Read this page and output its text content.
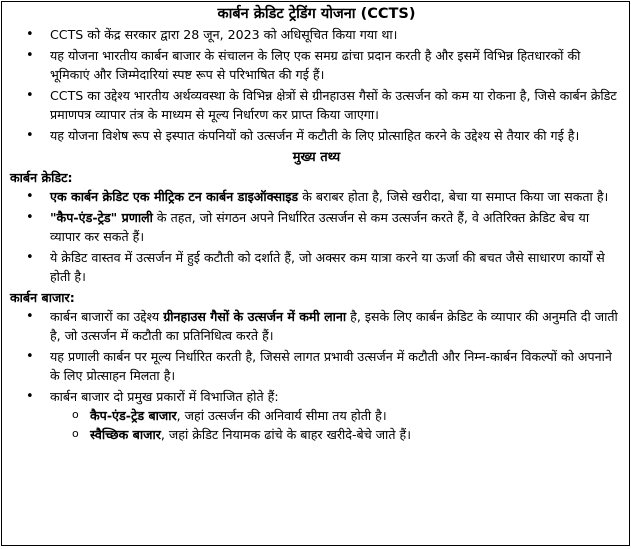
कार्बन क्रेडिट ट्रेडिंग योजना (CCTS)
• CCTS को केंद्र सरकार द्वारा 28 जून, 2023 को अधिसूचित किया गया था।
• यह योजना भारतीय कार्बन बाजार के संचालन के लिए एक समग्र ढांचा प्रदान करती है और इसमें विभिन्न हितधारकों की भूमिकाएं और जिम्मेदारियां स्पष्ट रूप से परिभाषित की गई हैं।
• CCTS का उद्देश्य भारतीय अर्थव्यवस्था के विभिन्न क्षेत्रों से ग्रीनहाउस गैसों के उत्सर्जन को कम या रोकना है, जिसे कार्बन क्रेडिट प्रमाणपत्र व्यापार तंत्र के माध्यम से मूल्य निर्धारण कर प्राप्त किया जाएगा।
• यह योजना विशेष रूप से इस्पात कंपनियों को उत्सर्जन में कटौती के लिए प्रोत्साहित करने के उद्देश्य से तैयार की गई है।
मुख्य तथ्य
कार्बन क्रेडिट:
• एक कार्बन क्रेडिट एक मीट्रिक टन कार्बन डाइऑक्साइड के बराबर होता है, जिसे खरीदा, बेचा या समाप्त किया जा सकता है।
• "कैप-एंड-ट्रेड" प्रणाली के तहत, जो संगठन अपने निर्धारित उत्सर्जन से कम उत्सर्जन करते हैं, वे अतिरिक्त क्रेडिट बेच या व्यापार कर सकते हैं।
• ये क्रेडिट वास्तव में उत्सर्जन में हुई कटौती को दर्शाते हैं, जो अक्सर कम यात्रा करने या ऊर्जा की बचत जैसे साधारण कार्यों से होती है।
कार्बन बाजार:
• कार्बन बाजारों का उद्देश्य ग्रीनहाउस गैसों के उत्सर्जन में कमी लाना है, इसके लिए कार्बन क्रेडिट के व्यापार की अनुमति दी जाती है, जो उत्सर्जन में कटौती का प्रतिनिधित्व करते हैं।
• यह प्रणाली कार्बन पर मूल्य निर्धारित करती है, जिससे लागत प्रभावी उत्सर्जन में कटौती और निम्न-कार्बन विकल्पों को अपनाने के लिए प्रोत्साहन मिलता है।
• कार्बन बाजार दो प्रमुख प्रकारों में विभाजित होते हैं:
o कैप-एंड-ट्रेड बाजार, जहां उत्सर्जन की अनिवार्य सीमा तय होती है।
o स्वैच्छिक बाजार, जहां क्रेडिट नियामक ढांचे के बाहर खरीदे-बेचे जाते हैं।
